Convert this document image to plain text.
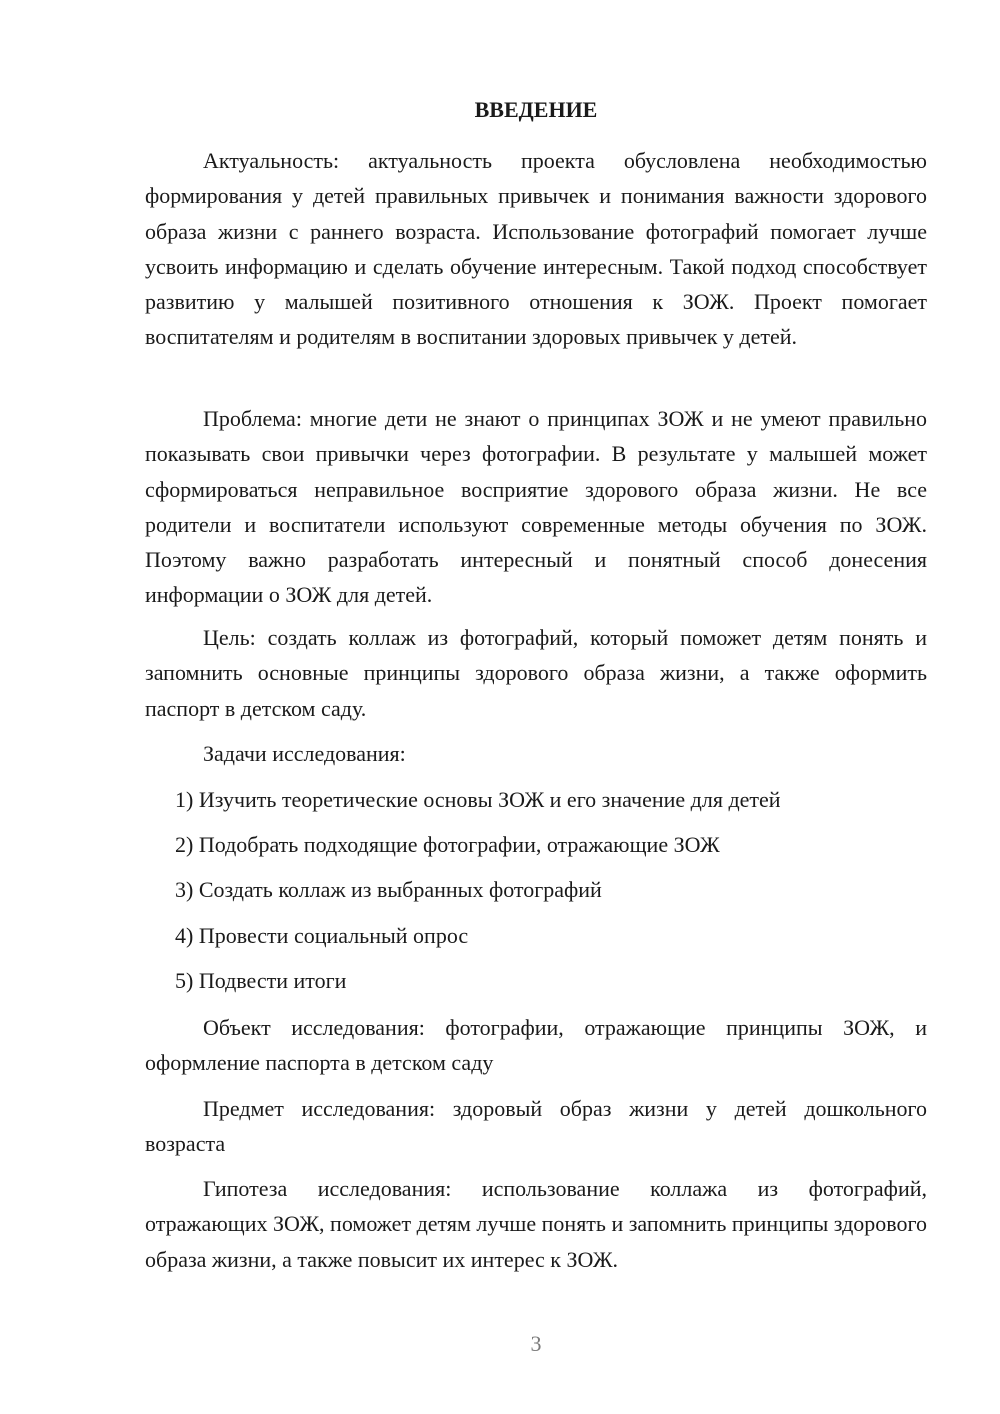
ВВЕДЕНИЕ

Актуальность: актуальность проекта обусловлена необходимостью формирования у детей правильных привычек и понимания важности здорового образа жизни с раннего возраста. Использование фотографий помогает лучше усвоить информацию и сделать обучение интересным. Такой подход способствует развитию у малышей позитивного отношения к ЗОЖ. Проект помогает воспитателям и родителям в воспитании здоровых привычек у детей.

Проблема: многие дети не знают о принципах ЗОЖ и не умеют правильно показывать свои привычки через фотографии. В результате у малышей может сформироваться неправильное восприятие здорового образа жизни. Не все родители и воспитатели используют современные методы обучения по ЗОЖ. Поэтому важно разработать интересный и понятный способ донесения информации о ЗОЖ для детей.

Цель: создать коллаж из фотографий, который поможет детям понять и запомнить основные принципы здорового образа жизни, а также оформить паспорт в детском саду.

Задачи исследования:

1) Изучить теоретические основы ЗОЖ и его значение для детей

2) Подобрать подходящие фотографии, отражающие ЗОЖ

3) Создать коллаж из выбранных фотографий

4) Провести социальный опрос

5) Подвести итоги

Объект исследования: фотографии, отражающие принципы ЗОЖ, и оформление паспорта в детском саду

Предмет исследования: здоровый образ жизни у детей дошкольного возраста

Гипотеза исследования: использование коллажа из фотографий, отражающих ЗОЖ, поможет детям лучше понять и запомнить принципы здорового образа жизни, а также повысит их интерес к ЗОЖ.

3
